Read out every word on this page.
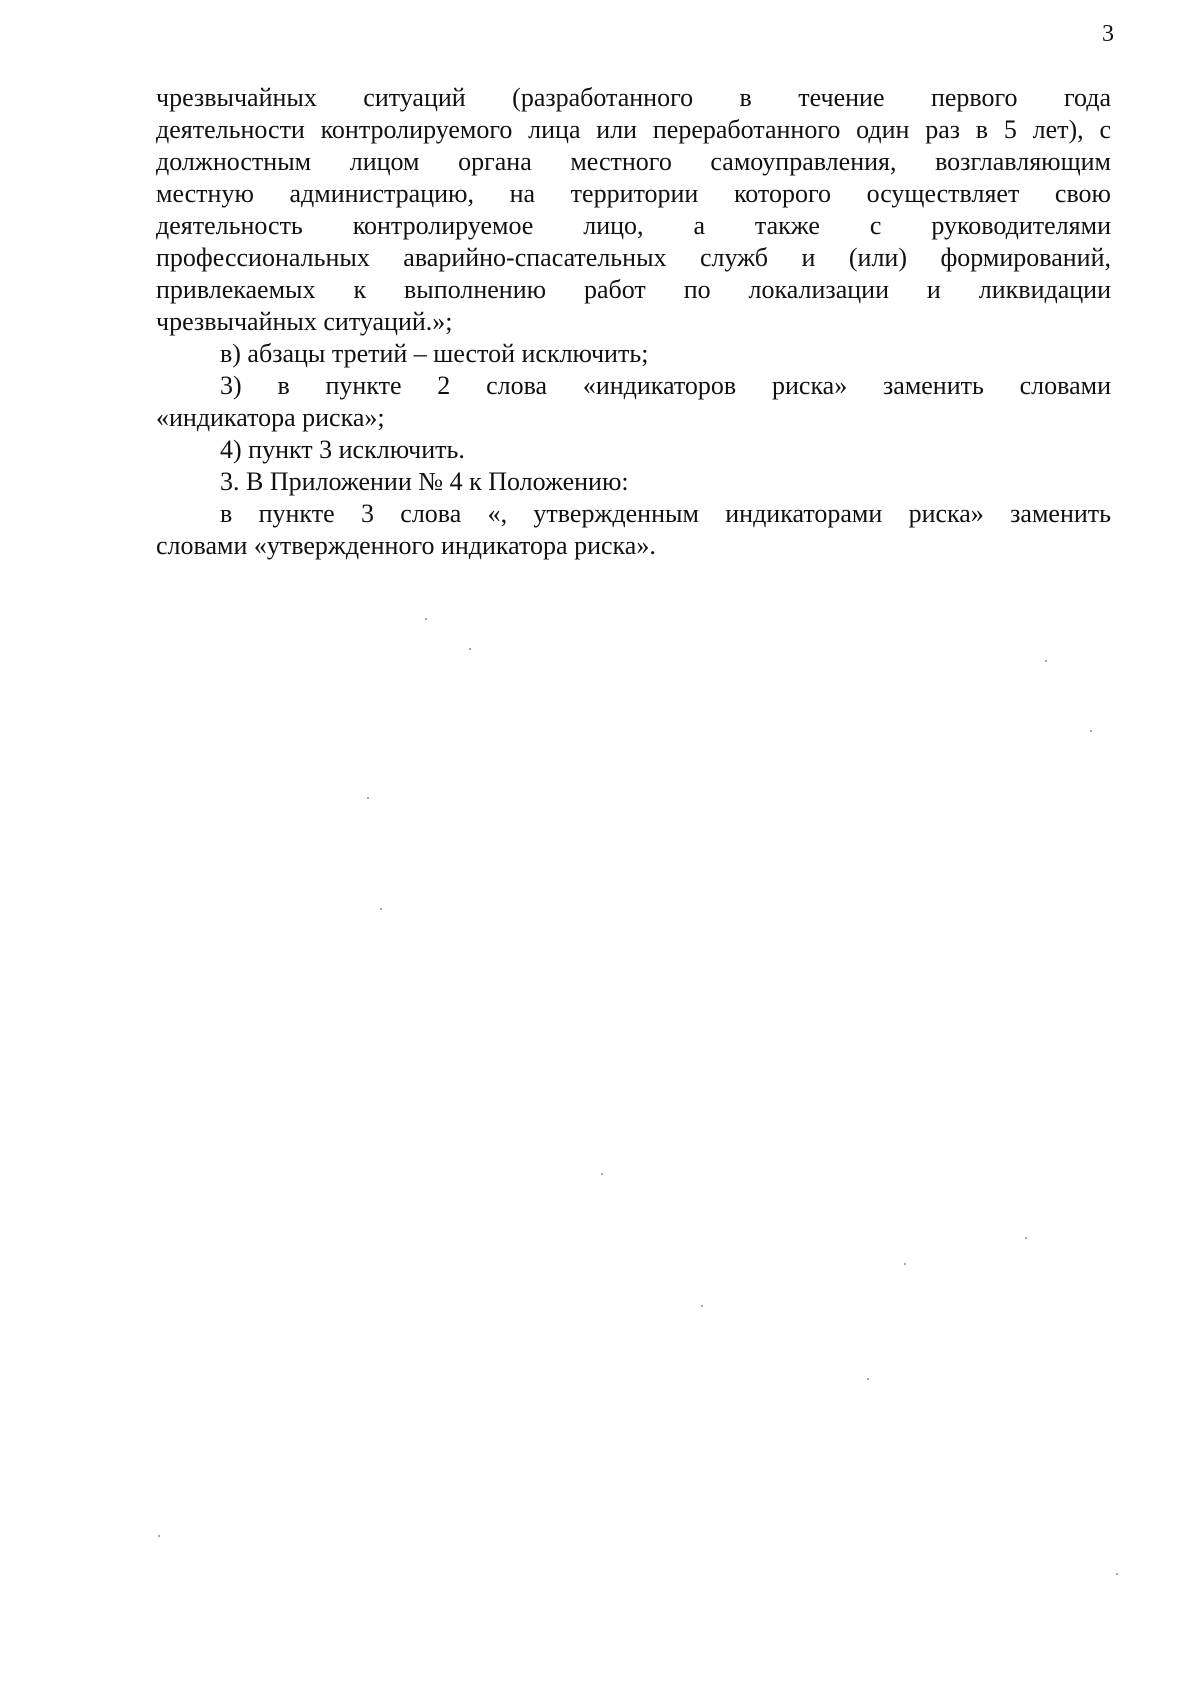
3
чрезвычайных ситуаций (разработанного в течение первого года
деятельности контролируемого лица или переработанного один раз в 5 лет), с
должностным лицом органа местного самоуправления, возглавляющим
местную администрацию, на территории которого осуществляет свою
деятельность контролируемое лицо, а также с руководителями
профессиональных аварийно-спасательных служб и (или) формирований,
привлекаемых к выполнению работ по локализации и ликвидации
чрезвычайных ситуаций.»;
в) абзацы третий – шестой исключить;
3) в пункте 2 слова «индикаторов риска» заменить словами
«индикатора риска»;
4) пункт 3 исключить.
3. В Приложении № 4 к Положению:
в пункте 3 слова «, утвержденным индикаторами риска» заменить
словами «утвержденного индикатора риска».
